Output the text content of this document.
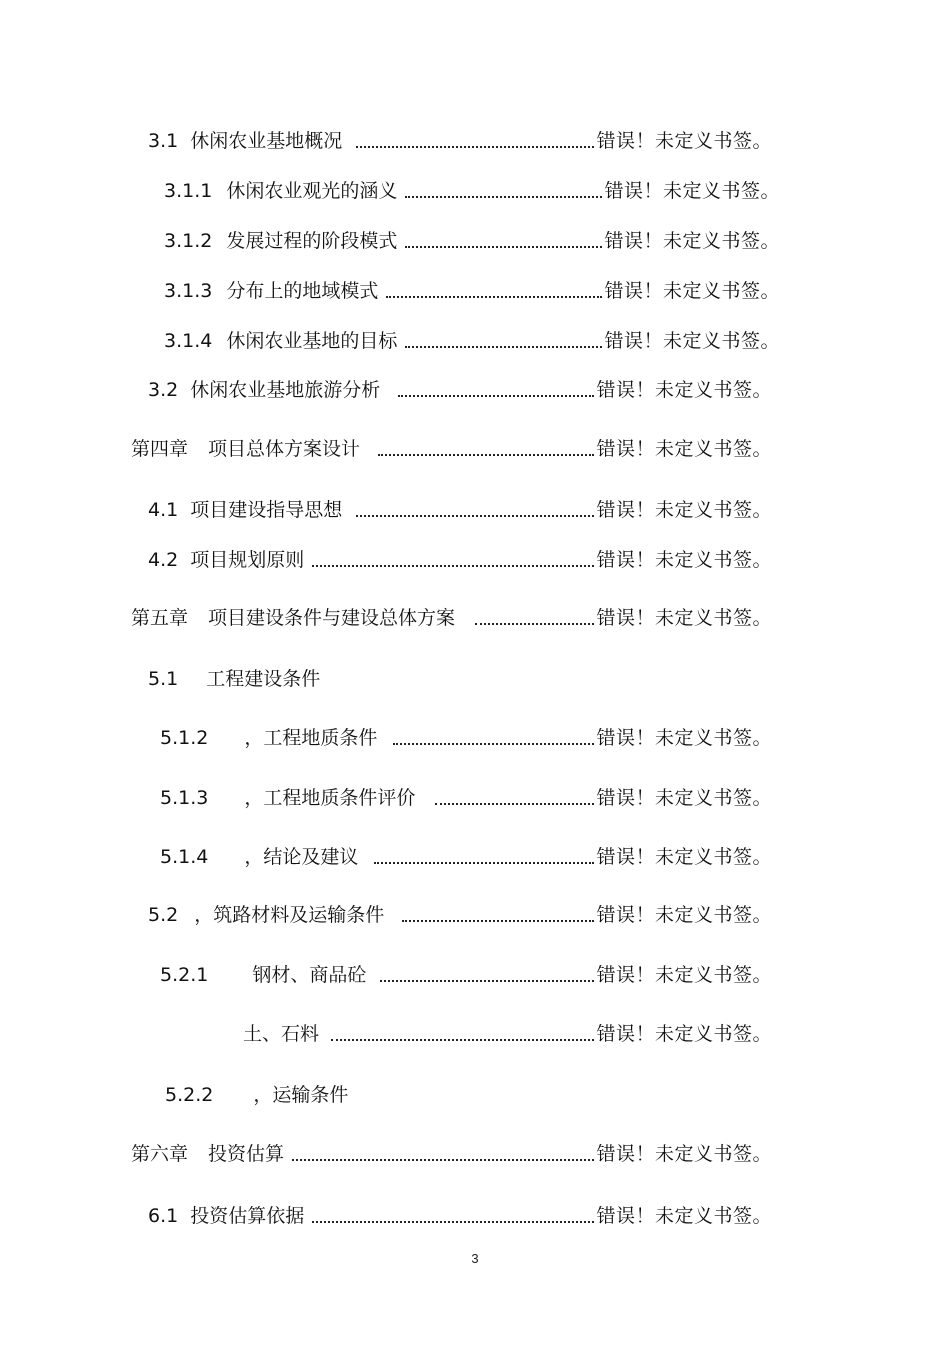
3.1 休闲农业基地概况	错误！未定义书签。
3.1.1 休闲农业观光的涵义	错误！未定义书签。
3.1.2 发展过程的阶段模式	错误！未定义书签。
3.1.3 分布上的地域模式	错误！未定义书签。
3.1.4 休闲农业基地的目标	错误！未定义书签。
3.2 休闲农业基地旅游分析	错误！未定义书签。
第四章 项目总体方案设计	错误！未定义书签。
4.1 项目建设指导思想	错误！未定义书签。
4.2 项目规划原则	错误！未定义书签。
第五章 项目建设条件与建设总体方案	错误！未定义书签。
5.1 工程建设条件
5.1.2 ，工程地质条件	错误！未定义书签。
5.1.3 ，工程地质条件评价	错误！未定义书签。
5.1.4 ，结论及建议	错误！未定义书签。
5.2 ，筑路材料及运输条件	错误！未定义书签。
5.2.1 钢材、商品砼	错误！未定义书签。
土、石料	错误！未定义书签。
5.2.2 ，运输条件
第六章 投资估算	错误！未定义书签。
6.1 投资估算依据	错误！未定义书签。
3
